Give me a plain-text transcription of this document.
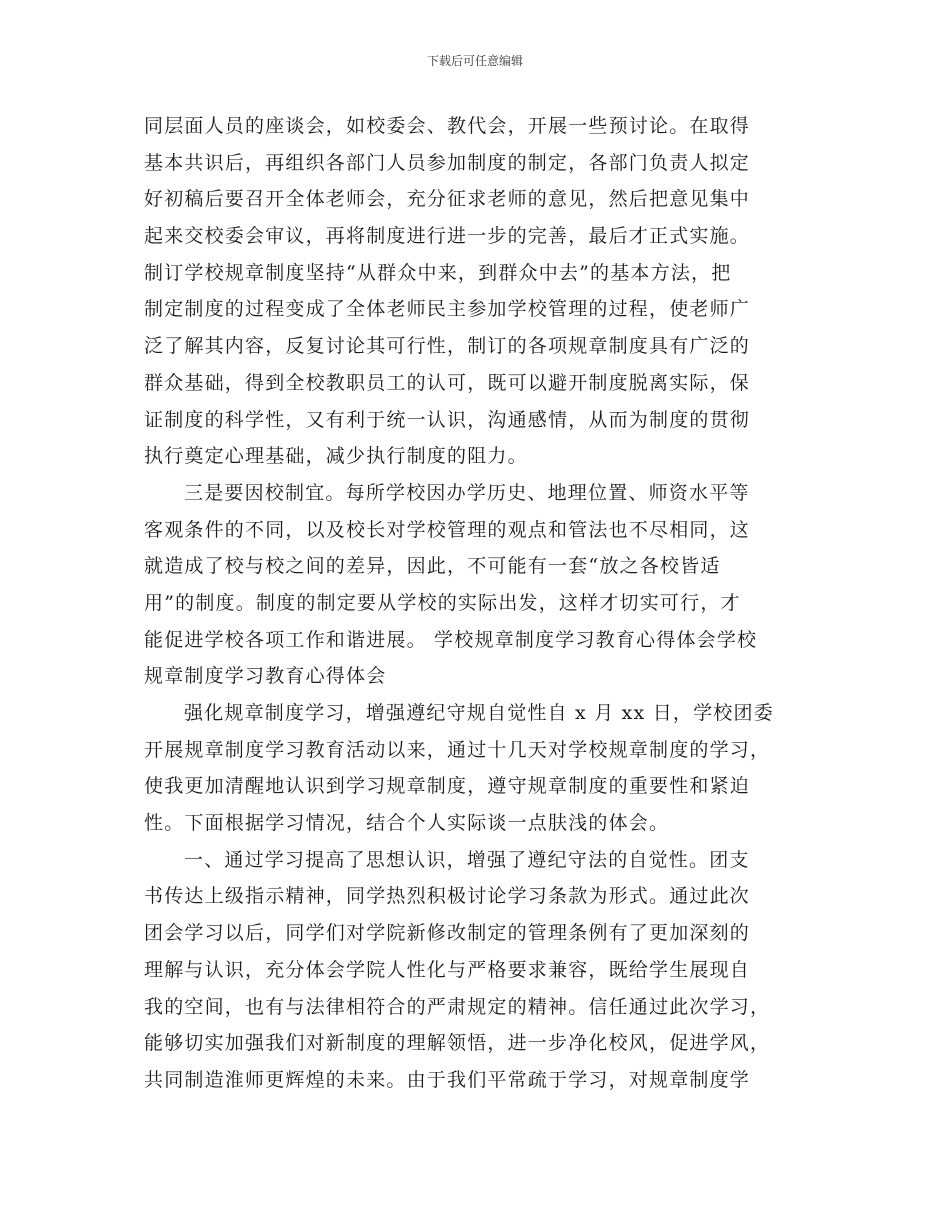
下载后可任意编辑
同层面人员的座谈会，如校委会、教代会，开展一些预讨论。在取得
基本共识后，再组织各部门人员参加制度的制定，各部门负责人拟定
好初稿后要召开全体老师会，充分征求老师的意见，然后把意见集中
起来交校委会审议，再将制度进行进一步的完善，最后才正式实施。
制订学校规章制度坚持“从群众中来，到群众中去”的基本方法，把
制定制度的过程变成了全体老师民主参加学校管理的过程，使老师广
泛了解其内容，反复讨论其可行性，制订的各项规章制度具有广泛的
群众基础，得到全校教职员工的认可，既可以避开制度脱离实际，保
证制度的科学性，又有利于统一认识，沟通感情，从而为制度的贯彻
执行奠定心理基础，减少执行制度的阻力。
三是要因校制宜。每所学校因办学历史、地理位置、师资水平等
客观条件的不同，以及校长对学校管理的观点和管法也不尽相同，这
就造成了校与校之间的差异，因此，不可能有一套“放之各校皆适
用”的制度。制度的制定要从学校的实际出发，这样才切实可行，才
能促进学校各项工作和谐进展。 学校规章制度学习教育心得体会学校
规章制度学习教育心得体会
强化规章制度学习，增强遵纪守规自觉性自 x 月 xx 日，学校团委
开展规章制度学习教育活动以来，通过十几天对学校规章制度的学习，
使我更加清醒地认识到学习规章制度，遵守规章制度的重要性和紧迫
性。下面根据学习情况，结合个人实际谈一点肤浅的体会。
一、通过学习提高了思想认识，增强了遵纪守法的自觉性。团支
书传达上级指示精神，同学热烈积极讨论学习条款为形式。通过此次
团会学习以后，同学们对学院新修改制定的管理条例有了更加深刻的
理解与认识，充分体会学院人性化与严格要求兼容，既给学生展现自
我的空间，也有与法律相符合的严肃规定的精神。信任通过此次学习，
能够切实加强我们对新制度的理解领悟，进一步净化校风，促进学风，
共同制造淮师更辉煌的未来。由于我们平常疏于学习，对规章制度学
